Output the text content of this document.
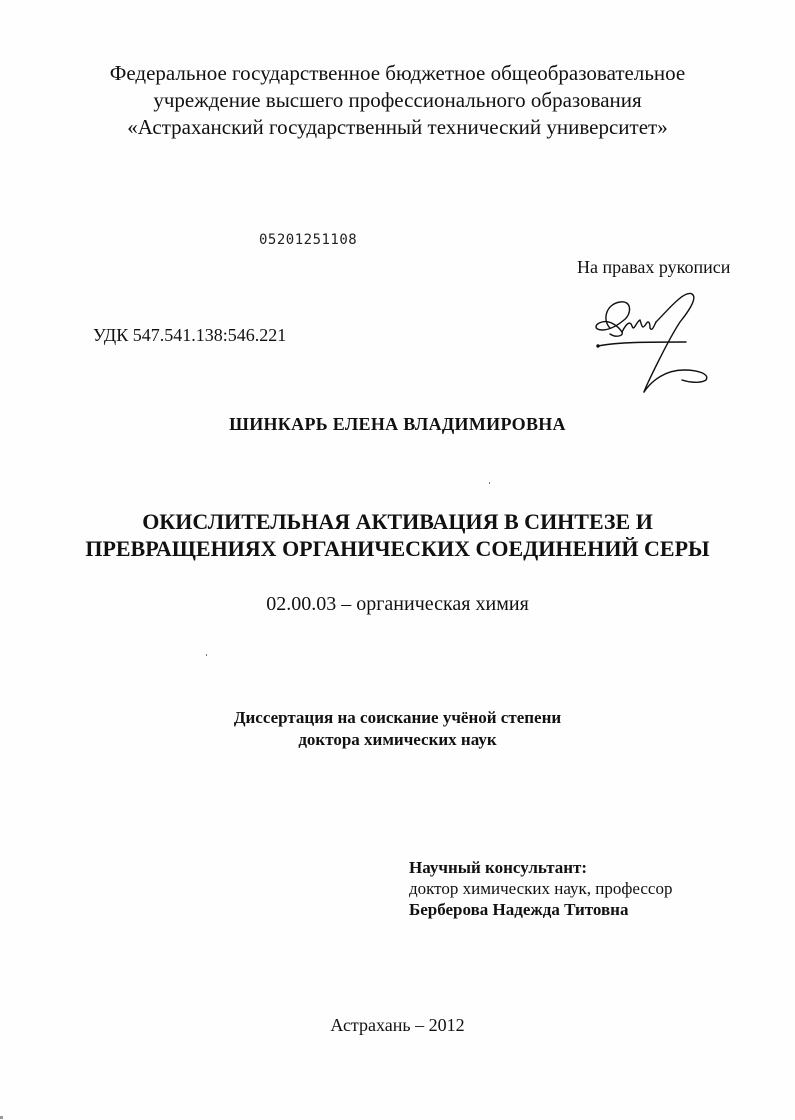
Федеральное государственное бюджетное общеобразовательное
учреждение высшего профессионального образования
«Астраханский государственный технический университет»
05201251108
На правах рукописи
УДК 547.541.138:546.221
ШИНКАРЬ ЕЛЕНА ВЛАДИМИРОВНА
ОКИСЛИТЕЛЬНАЯ АКТИВАЦИЯ В СИНТЕЗЕ И
ПРЕВРАЩЕНИЯХ ОРГАНИЧЕСКИХ СОЕДИНЕНИЙ СЕРЫ
02.00.03 – органическая химия
Диссертация на соискание учёной степени
доктора химических наук
Научный консультант:
доктор химических наук, профессор
Берберова Надежда Титовна
Астрахань – 2012
